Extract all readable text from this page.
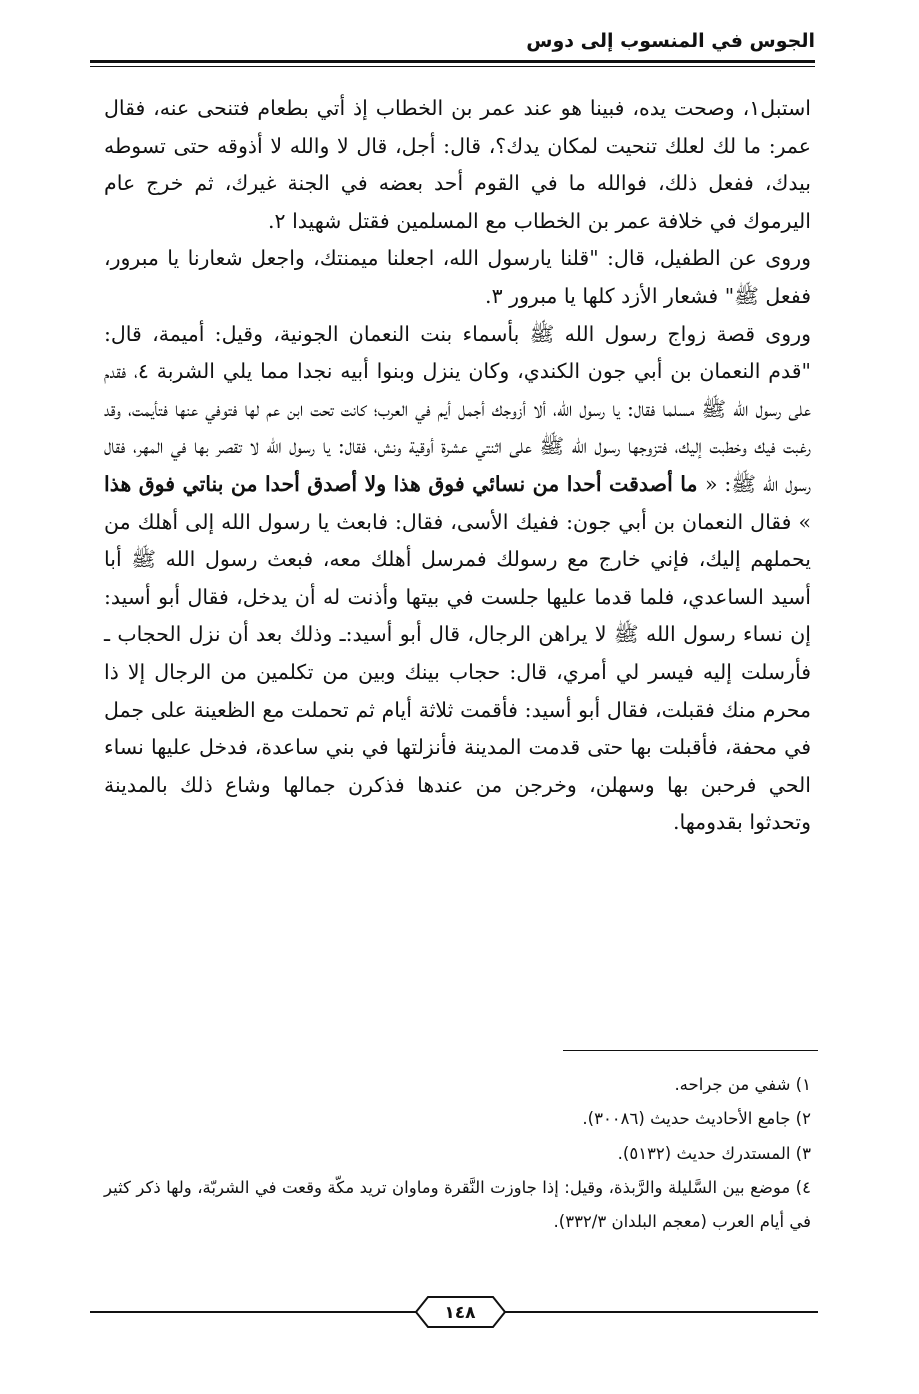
الجوس في المنسوب إلى دوس

استبل١، وصحت يده، فبينا هو عند عمر بن الخطاب إذ أتي بطعام فتنحى عنه، فقال عمر: ما لك لعلك تنحيت لمكان يدك؟، قال: أجل، قال لا والله لا أذوقه حتى تسوطه بيدك، ففعل ذلك، فوالله ما في القوم أحد بعضه في الجنة غيرك، ثم خرج عام اليرموك في خلافة عمر بن الخطاب مع المسلمين فقتل شهيدا ٢.

وروى عن الطفيل، قال: "قلنا يارسول الله، اجعلنا ميمنتك، واجعل شعارنا يا مبرور، ففعل ﷺ" فشعار الأزد كلها يا مبرور ٣.

وروى قصة زواج رسول الله ﷺ بأسماء بنت النعمان الجونية، وقيل: أميمة، قال: "قدم النعمان بن أبي جون الكندي، وكان ينزل وبنوا أبيه نجدا مما يلي الشربة ٤، فقدم على رسول الله ﷺ مسلما فقال: يا رسول الله، ألا أزوجك أجمل أيم في العرب؛ كانت تحت ابن عم لها فتوفي عنها فتأيمت، وقد رغبت فيك وخطبت إليك، فتزوجها رسول الله ﷺ على اثنتي عشرة أوقية ونش، فقال: يا رسول الله لا تقصر بها في المهر، فقال رسول الله ﷺ: « ما أصدقت أحدا من نسائي فوق هذا ولا أصدق أحدا من بناتي فوق هذا » فقال النعمان بن أبي جون: ففيك الأسى، فقال: فابعث يا رسول الله إلى أهلك من يحملهم إليك، فإني خارج مع رسولك فمرسل أهلك معه، فبعث رسول الله ﷺ أبا أسيد الساعدي، فلما قدما عليها جلست في بيتها وأذنت له أن يدخل، فقال أبو أسيد: إن نساء رسول الله ﷺ لا يراهن الرجال، قال أبو أسيد:ـ وذلك بعد أن نزل الحجاب ـ فأرسلت إليه فيسر لي أمري، قال: حجاب بينك وبين من تكلمين من الرجال إلا ذا محرم منك فقبلت، فقال أبو أسيد: فأقمت ثلاثة أيام ثم تحملت مع الظعينة على جمل في محفة، فأقبلت بها حتى قدمت المدينة فأنزلتها في بني ساعدة، فدخل عليها نساء الحي فرحبن بها وسهلن، وخرجن من عندها فذكرن جمالها وشاع ذلك بالمدينة وتحدثوا بقدومها.

١) شفي من جراحه.

٢) جامع الأحاديث حديث (٣٠٠٨٦).

٣) المستدرك حديث (٥١٣٢).

٤) موضع بين السَّليلة والرَّبذة، وقيل: إذا جاوزت النَّقرة وماوان تريد مكّة وقعت في الشربّة، ولها ذكر كثير في أيام العرب (معجم البلدان ٣٣٢/٣).

١٤٨
